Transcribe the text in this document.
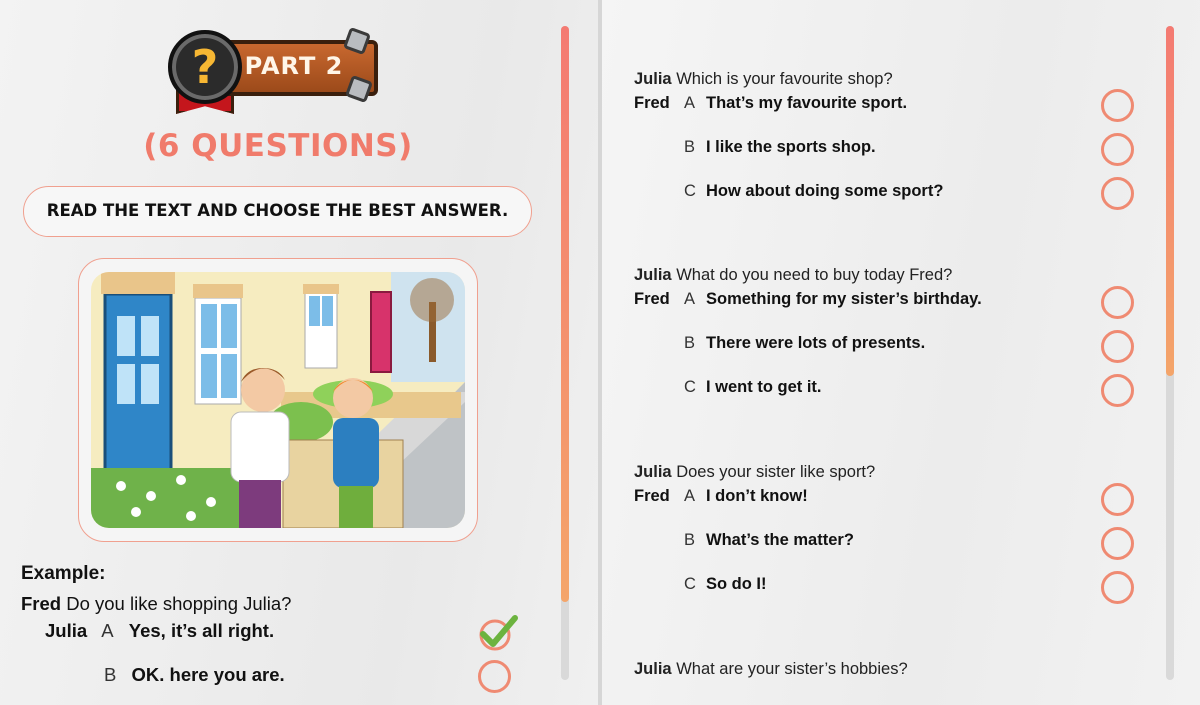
PART 2
?
(6 QUESTIONS)
READ THE TEXT AND CHOOSE THE BEST ANSWER.
Example:
Fred Do you like shopping Julia?
Julia A Yes, it’s all right.
B OK. here you are.
Julia Which is your favourite shop?
Fred A That’s my favourite sport.
B I like the sports shop.
C How about doing some sport?
Julia What do you need to buy today Fred?
Fred A Something for my sister’s birthday.
B There were lots of presents.
C I went to get it.
Julia Does your sister like sport?
Fred A I don’t know!
B What’s the matter?
C So do I!
Julia What are your sister’s hobbies?
